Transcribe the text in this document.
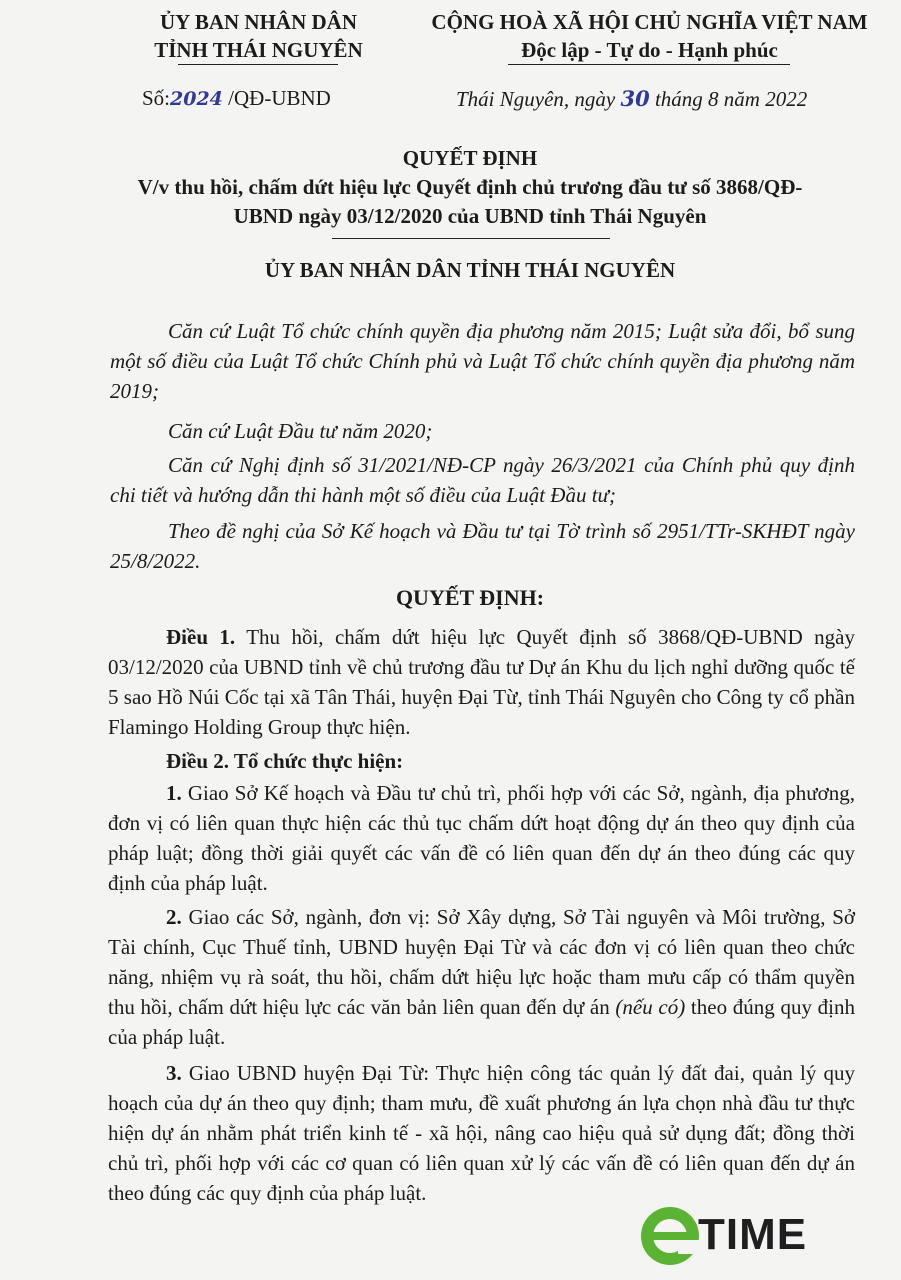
ỦY BAN NHÂN DÂN
TỈNH THÁI NGUYÊN
CỘNG HOÀ XÃ HỘI CHỦ NGHĨA VIỆT NAM
Độc lập - Tự do - Hạnh phúc
Số:2024 /QĐ-UBND	Thái Nguyên, ngày 30 tháng 8 năm 2022
QUYẾT ĐỊNH
V/v thu hồi, chấm dứt hiệu lực Quyết định chủ trương đầu tư số 3868/QĐ-
UBND ngày 03/12/2020 của UBND tỉnh Thái Nguyên
ỦY BAN NHÂN DÂN TỈNH THÁI NGUYÊN
Căn cứ Luật Tổ chức chính quyền địa phương năm 2015; Luật sửa đổi, bổ sung một số điều của Luật Tổ chức Chính phủ và Luật Tổ chức chính quyền địa phương năm 2019;
Căn cứ Luật Đầu tư năm 2020;
Căn cứ Nghị định số 31/2021/NĐ-CP ngày 26/3/2021 của Chính phủ quy định chi tiết và hướng dẫn thi hành một số điều của Luật Đầu tư;
Theo đề nghị của Sở Kế hoạch và Đầu tư tại Tờ trình số 2951/TTr-SKHĐT ngày 25/8/2022.
QUYẾT ĐỊNH:
Điều 1. Thu hồi, chấm dứt hiệu lực Quyết định số 3868/QĐ-UBND ngày 03/12/2020 của UBND tỉnh về chủ trương đầu tư Dự án Khu du lịch nghỉ dưỡng quốc tế 5 sao Hồ Núi Cốc tại xã Tân Thái, huyện Đại Từ, tỉnh Thái Nguyên cho Công ty cổ phần Flamingo Holding Group thực hiện.
Điều 2. Tổ chức thực hiện:
1. Giao Sở Kế hoạch và Đầu tư chủ trì, phối hợp với các Sở, ngành, địa phương, đơn vị có liên quan thực hiện các thủ tục chấm dứt hoạt động dự án theo quy định của pháp luật; đồng thời giải quyết các vấn đề có liên quan đến dự án theo đúng các quy định của pháp luật.
2. Giao các Sở, ngành, đơn vị: Sở Xây dựng, Sở Tài nguyên và Môi trường, Sở Tài chính, Cục Thuế tỉnh, UBND huyện Đại Từ và các đơn vị có liên quan theo chức năng, nhiệm vụ rà soát, thu hồi, chấm dứt hiệu lực hoặc tham mưu cấp có thẩm quyền thu hồi, chấm dứt hiệu lực các văn bản liên quan đến dự án (nếu có) theo đúng quy định của pháp luật.
3. Giao UBND huyện Đại Từ: Thực hiện công tác quản lý đất đai, quản lý quy hoạch của dự án theo quy định; tham mưu, đề xuất phương án lựa chọn nhà đầu tư thực hiện dự án nhằm phát triển kinh tế - xã hội, nâng cao hiệu quả sử dụng đất; đồng thời chủ trì, phối hợp với các cơ quan có liên quan xử lý các vấn đề có liên quan đến dự án theo đúng các quy định của pháp luật.
TIME
